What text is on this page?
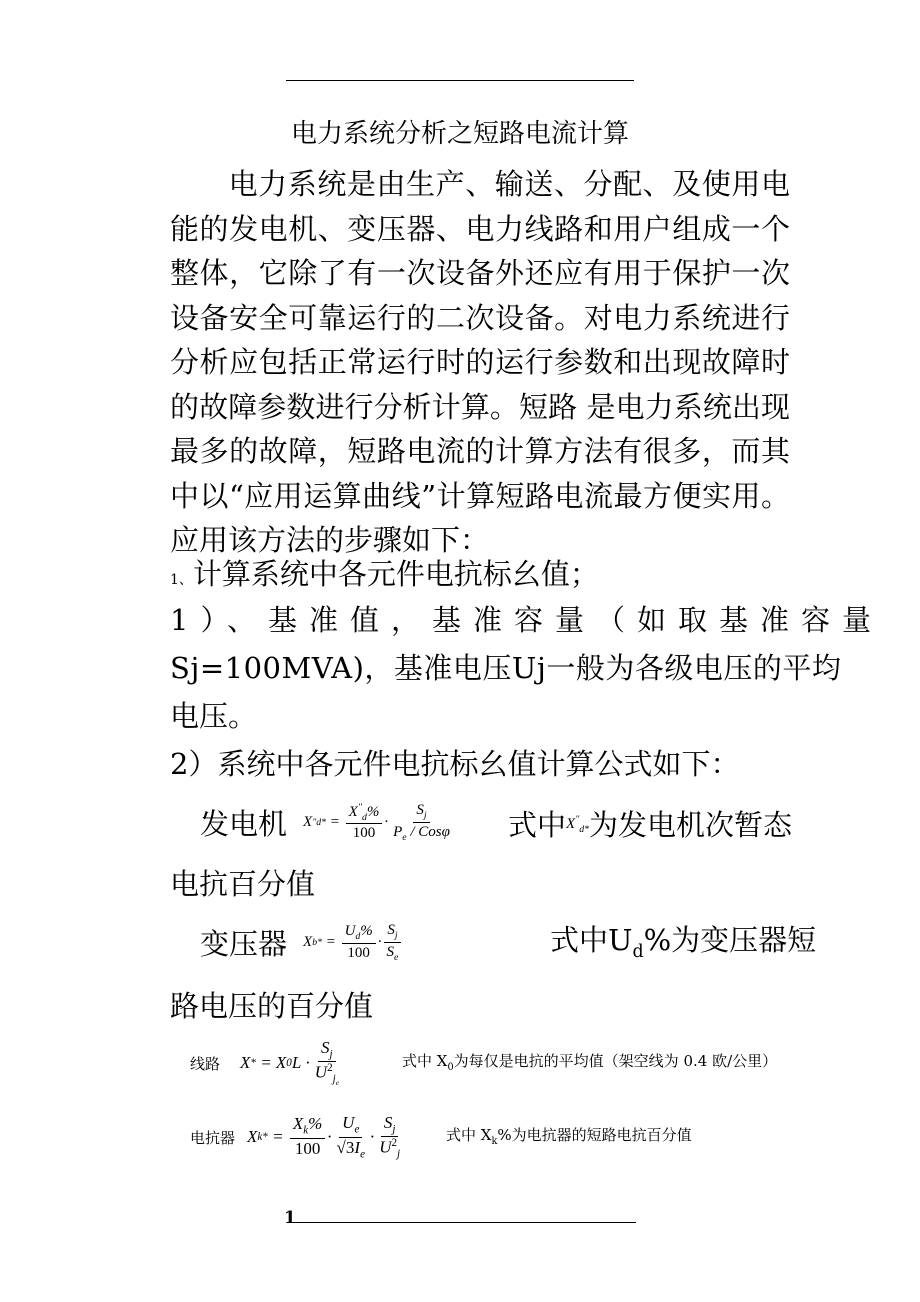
电力系统分析之短路电流计算

电力系统是由生产、输送、分配、及使用电能的发电机、变压器、电力线路和用户组成一个整体，它除了有一次设备外还应有用于保护一次设备安全可靠运行的二次设备。对电力系统进行分析应包括正常运行时的运行参数和出现故障时的故障参数进行分析计算。短路 是电力系统出现最多的故障，短路电流的计算方法有很多，而其中以“应用运算曲线”计算短路电流最方便实用。应用该方法的步骤如下：

1、计算系统中各元件电抗标幺值；
1）、基准值，基准容量（如取基准容量
Sj=100MVA)，基准电压Uj一般为各级电压的平均
电压。
2）系统中各元件电抗标幺值计算公式如下：
发电机 X " $d* = \frac{X^"_d\%}{100} \cdot \frac{S_j}{P_e / Cos\varphi}$ 式中 $X^"_{d*}$ 为发电机次暂态
电抗百分值
变压器 X $b* = \frac{U_d\%}{100} \cdot \frac{S_j}{S_e}$	式中$U_d\%$为变压器短
路电压的百分值
线路 X * = X 0 $L \cdot \frac{S_j}{U^2_{j_e}}$	式中 $X_0$为每仅是电抗的平均值（架空线为 0.4 欧/公里）
电抗器 X $k* = \frac{X_k\%}{100} \cdot \frac{U_e}{√3I_e} \cdot \frac{S_j}{U^2_j}$	式中 $X_k\%$为电抗器的短路电抗百分值
1
